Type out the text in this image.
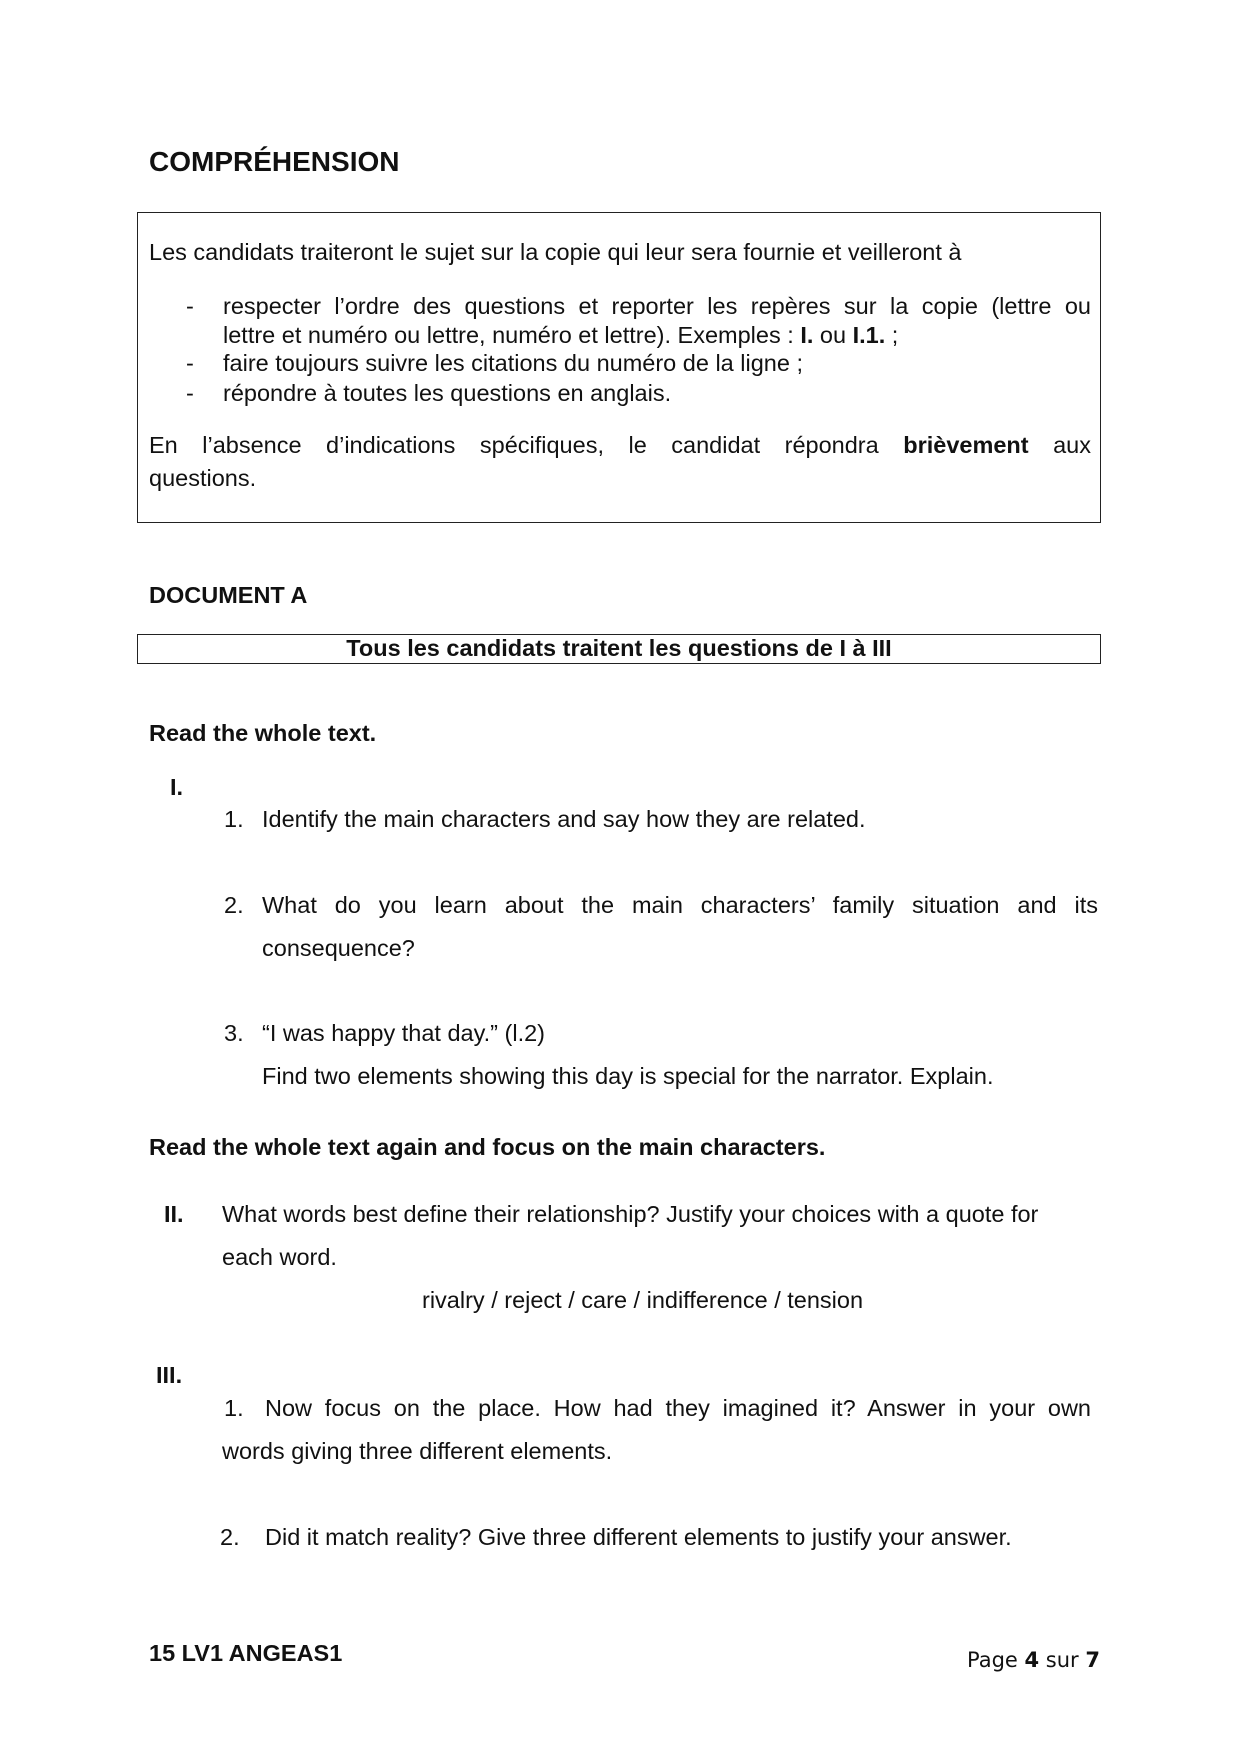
COMPRÉHENSION
Les candidats traiteront le sujet sur la copie qui leur sera fournie et veilleront à
- respecter l’ordre des questions et reporter les repères sur la copie (lettre ou
lettre et numéro ou lettre, numéro et lettre). Exemples : I. ou I.1. ;
- faire toujours suivre les citations du numéro de la ligne ;
- répondre à toutes les questions en anglais.
En l’absence d’indications spécifiques, le candidat répondra brièvement aux
questions.
DOCUMENT A
Tous les candidats traitent les questions de I à III
Read the whole text.
I.
1. Identify the main characters and say how they are related.
2. What do you learn about the main characters’ family situation and its
consequence?
3. “I was happy that day.” (l.2)
Find two elements showing this day is special for the narrator. Explain.
Read the whole text again and focus on the main characters.
II. What words best define their relationship? Justify your choices with a quote for
each word.
rivalry / reject / care / indifference / tension
III.
1. Now focus on the place. How had they imagined it? Answer in your own
words giving three different elements.
2. Did it match reality? Give three different elements to justify your answer.
Page 4 sur 7
15 LV1 ANGEAS1
